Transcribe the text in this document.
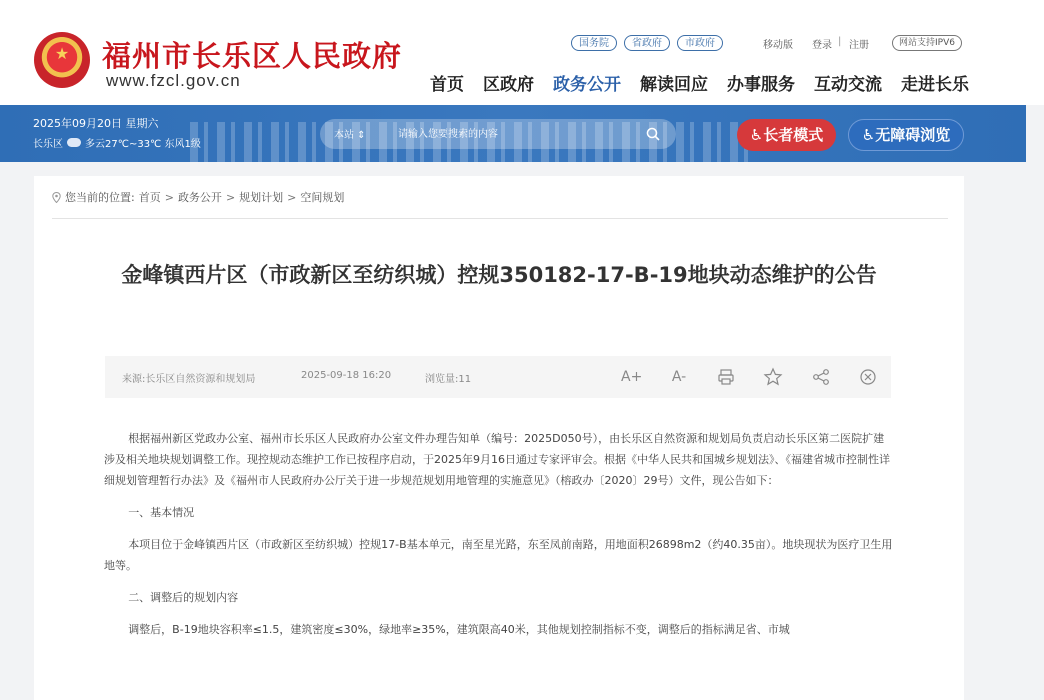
★
福州市长乐区人民政府
www.fzcl.gov.cn
国务院	省政府	市政府	移动版 登录 | 注册	网站支持IPV6
首页 区政府 政务公开 解读回应 办事服务 互动交流 走进长乐
2025年09月20日 星期六
长乐区 多云27℃~33℃ 东风1级
本站 ⇕
请输入您要搜索的内容	♿长者模式	♿无障碍浏览
您当前的位置: 首页 > 政务公开 > 规划计划 > 空间规划
金峰镇西片区（市政新区至纺织城）控规350182-17-B-19地块动态维护的公告
来源:长乐区自然资源和规划局	2025-09-18 16:20	浏览量:11	A+ A-

根据福州新区党政办公室、福州市长乐区人民政府办公室文件办理告知单（编号：2025D050号），由长乐区自然资源和规划局负责启动长乐区第二医院扩建涉及相关地块规划调整工作。现控规动态维护工作已按程序启动，于2025年9月16日通过专家评审会。根据《中华人民共和国城乡规划法》、《福建省城市控制性详细规划管理暂行办法》及《福州市人民政府办公厅关于进一步规范规划用地管理的实施意见》（榕政办〔2020〕29号）文件，现公告如下：

一、基本情况

本项目位于金峰镇西片区（市政新区至纺织城）控规17-B基本单元，南至星光路，东至凤前南路，用地面积26898m2（约40.35亩）。地块现状为医疗卫生用地等。

二、调整后的规划内容

调整后，B-19地块容积率≤1.5，建筑密度≤30%，绿地率≥35%，建筑限高40米，其他规划控制指标不变，调整后的指标满足省、市城
